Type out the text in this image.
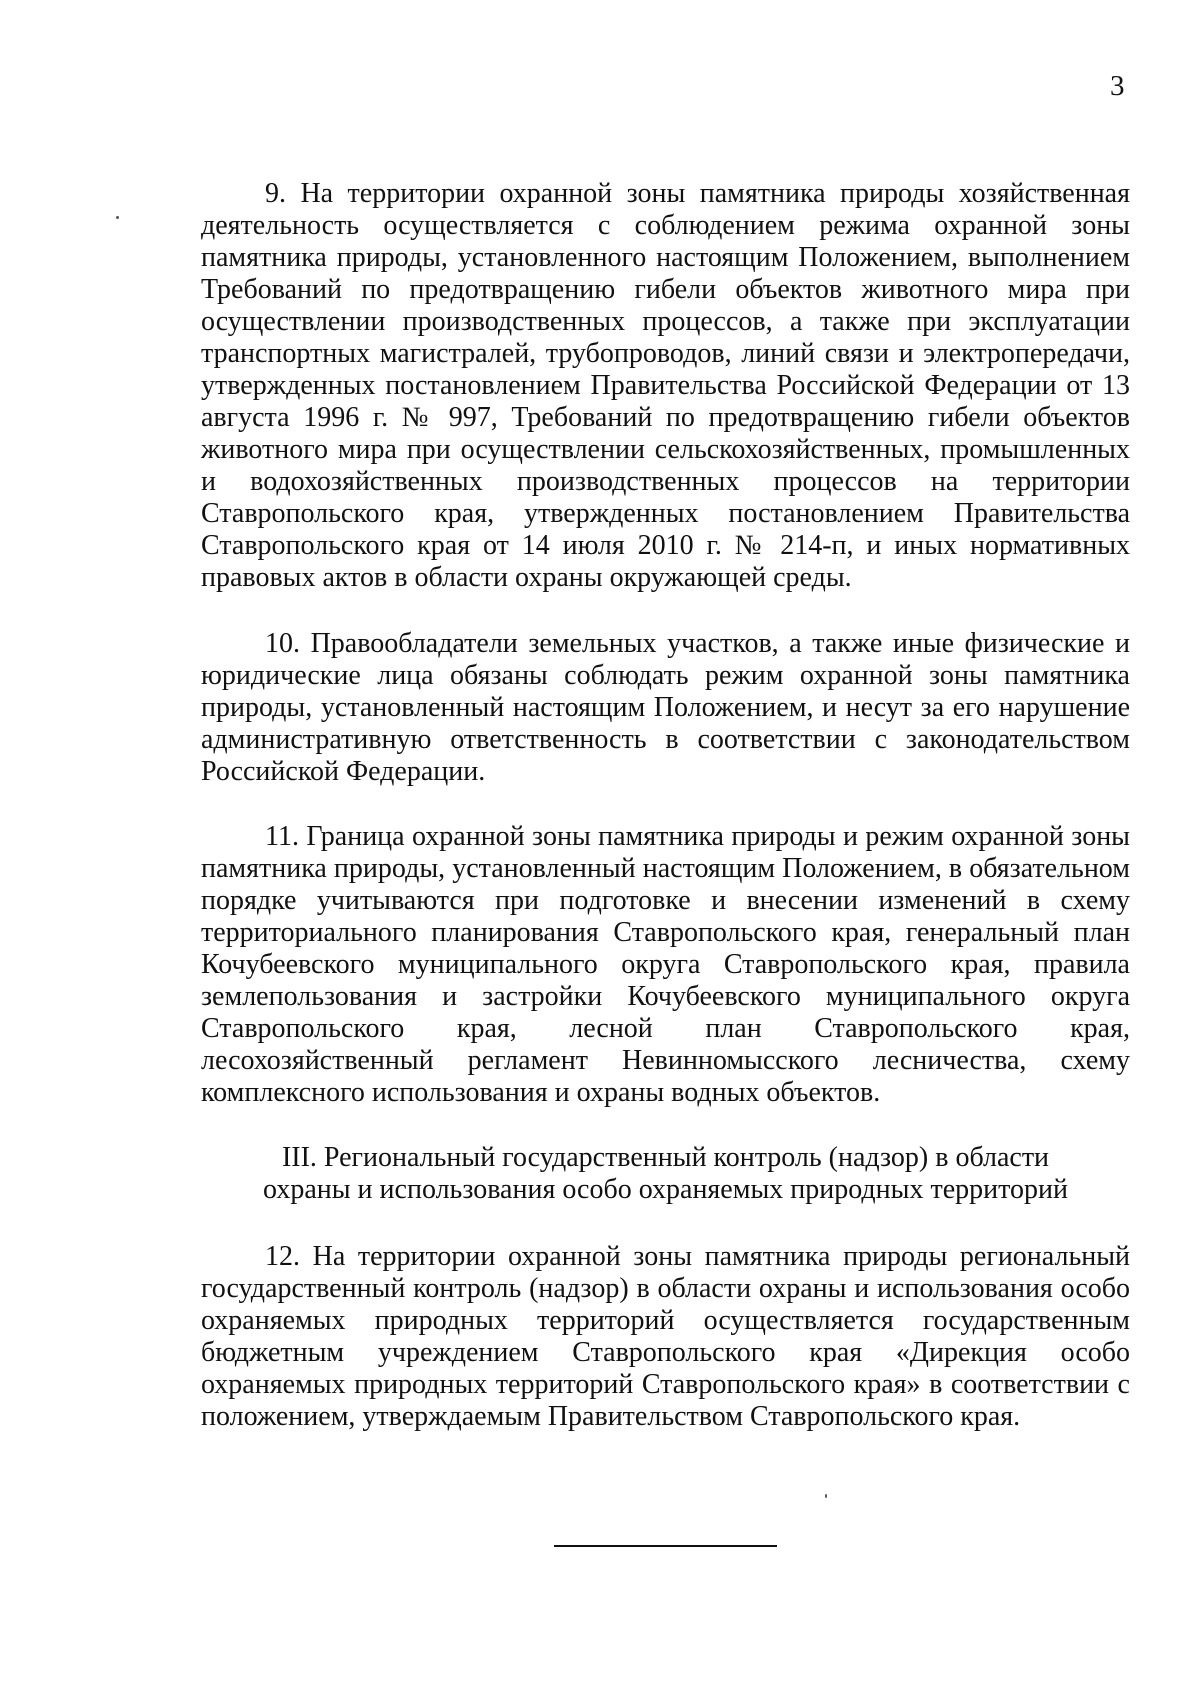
3

9. На территории охранной зоны памятника природы хозяйственная деятельность осуществляется с соблюдением режима охранной зоны памятника природы, установленного настоящим Положением, выполнением Требований по предотвращению гибели объектов животного мира при осуществлении производственных процессов, а также при эксплуатации транспортных магистралей, трубопроводов, линий связи и электропередачи, утвержденных постановлением Правительства Российской Федерации от 13 августа 1996 г. № 997, Требований по предотвращению гибели объектов животного мира при осуществлении сельскохозяйственных, промышленных и водохозяйственных производственных процессов на территории Ставропольского края, утвержденных постановлением Правительства Ставропольского края от 14 июля 2010 г. № 214-п, и иных нормативных правовых актов в области охраны окружающей среды.

10. Правообладатели земельных участков, а также иные физические и юридические лица обязаны соблюдать режим охранной зоны памятника природы, установленный настоящим Положением, и несут за его нарушение административную ответственность в соответствии с законодательством Российской Федерации.

11. Граница охранной зоны памятника природы и режим охранной зоны памятника природы, установленный настоящим Положением, в обязательном порядке учитываются при подготовке и внесении изменений в схему территориального планирования Ставропольского края, генеральный план Кочубеевского муниципального округа Ставропольского края, правила землепользования и застройки Кочубеевского муниципального округа Ставропольского края, лесной план Ставропольского края, лесохозяйственный регламент Невинномысского лесничества, схему комплексного использования и охраны водных объектов.

III. Региональный государственный контроль (надзор) в области
охраны и использования особо охраняемых природных территорий

12. На территории охранной зоны памятника природы региональный государственный контроль (надзор) в области охраны и использования особо охраняемых природных территорий осуществляется государственным бюджетным учреждением Ставропольского края «Дирекция особо охраняемых природных территорий Ставропольского края» в соответствии с положением, утверждаемым Правительством Ставропольского края.
